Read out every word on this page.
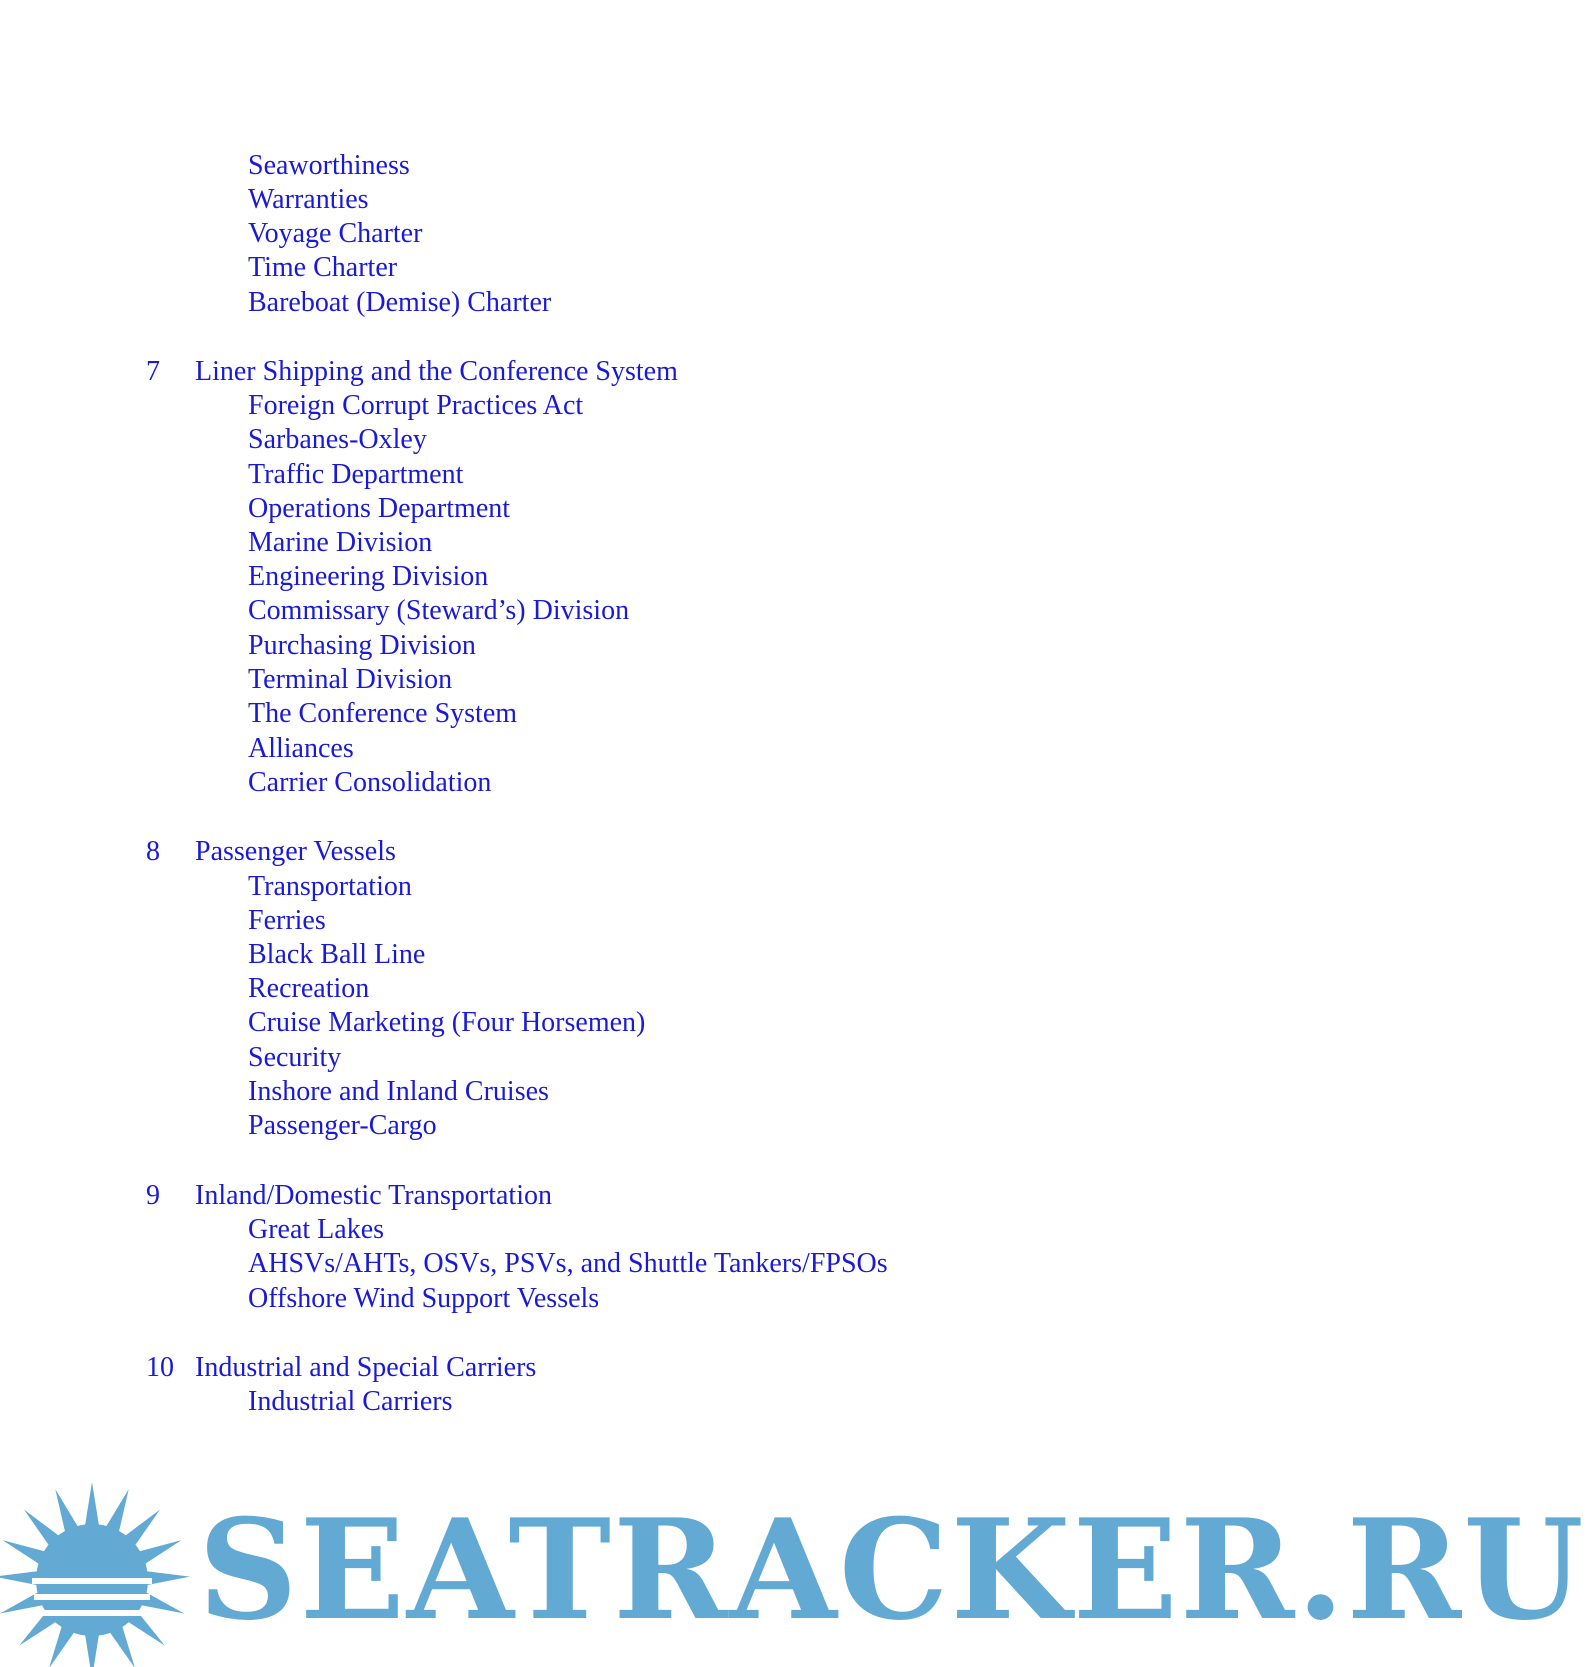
Seaworthiness
Warranties
Voyage Charter
Time Charter
Bareboat (Demise) Charter
7 Liner Shipping and the Conference System
Foreign Corrupt Practices Act
Sarbanes-Oxley
Traffic Department
Operations Department
Marine Division
Engineering Division
Commissary (Steward’s) Division
Purchasing Division
Terminal Division
The Conference System
Alliances
Carrier Consolidation
8 Passenger Vessels
Transportation
Ferries
Black Ball Line
Recreation
Cruise Marketing (Four Horsemen)
Security
Inshore and Inland Cruises
Passenger-Cargo
9 Inland/Domestic Transportation
Great Lakes
AHSVs/AHTs, OSVs, PSVs, and Shuttle Tankers/FPSOs
Offshore Wind Support Vessels
10 Industrial and Special Carriers
Industrial Carriers
SEATRACKER.RU
